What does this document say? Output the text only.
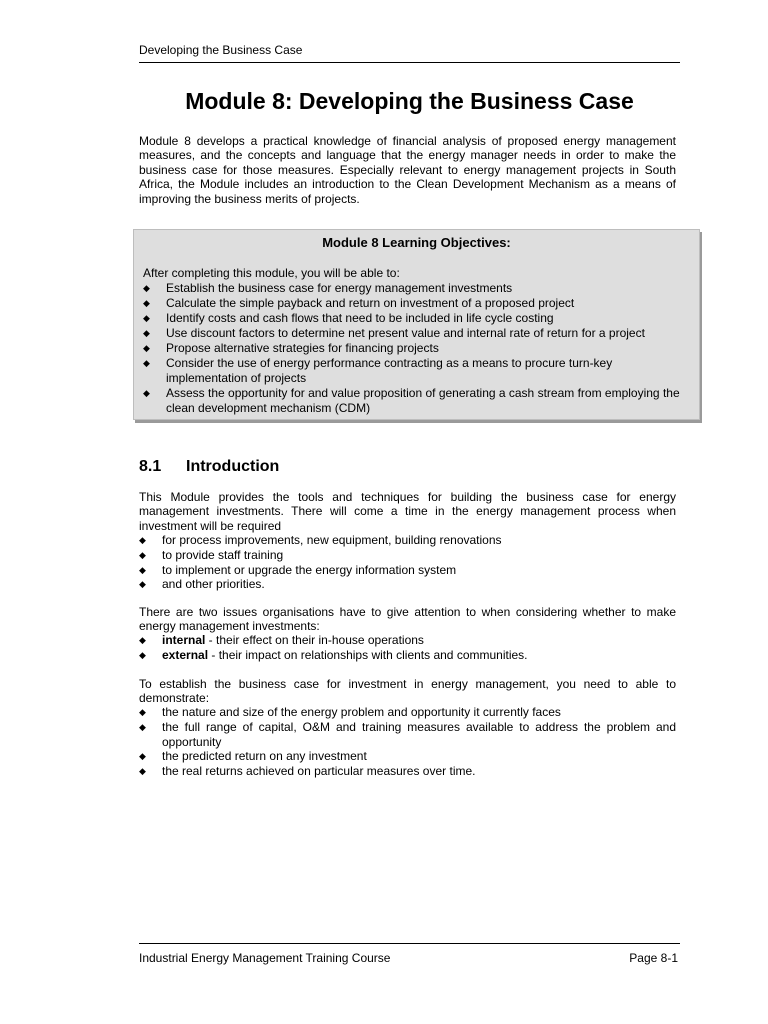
Developing the Business Case
Module 8: Developing the Business Case

Module 8 develops a practical knowledge of financial analysis of proposed energy management measures, and the concepts and language that the energy manager needs in order to make the business case for those measures. Especially relevant to energy management projects in South Africa, the Module includes an introduction to the Clean Development Mechanism as a means of improving the business merits of projects.

Module 8 Learning Objectives:
After completing this module, you will be able to:
◆ Establish the business case for energy management investments
◆ Calculate the simple payback and return on investment of a proposed project
◆ Identify costs and cash flows that need to be included in life cycle costing
◆ Use discount factors to determine net present value and internal rate of return for a project
◆ Propose alternative strategies for financing projects
◆ Consider the use of energy performance contracting as a means to procure turn-key implementation of projects
◆ Assess the opportunity for and value proposition of generating a cash stream from employing the clean development mechanism (CDM)
8.1 Introduction

This Module provides the tools and techniques for building the business case for energy management investments. There will come a time in the energy management process when investment will be required

◆ for process improvements, new equipment, building renovations
◆ to provide staff training
◆ to implement or upgrade the energy information system
◆ and other priorities.

There are two issues organisations have to give attention to when considering whether to make energy management investments:

◆ internal - their effect on their in-house operations
◆ external - their impact on relationships with clients and communities.

To establish the business case for investment in energy management, you need to able to demonstrate:

◆ the nature and size of the energy problem and opportunity it currently faces
◆ the full range of capital, O&M and training measures available to address the problem and opportunity
◆ the predicted return on any investment
◆ the real returns achieved on particular measures over time.
Industrial Energy Management Training Course	Page 8-1
